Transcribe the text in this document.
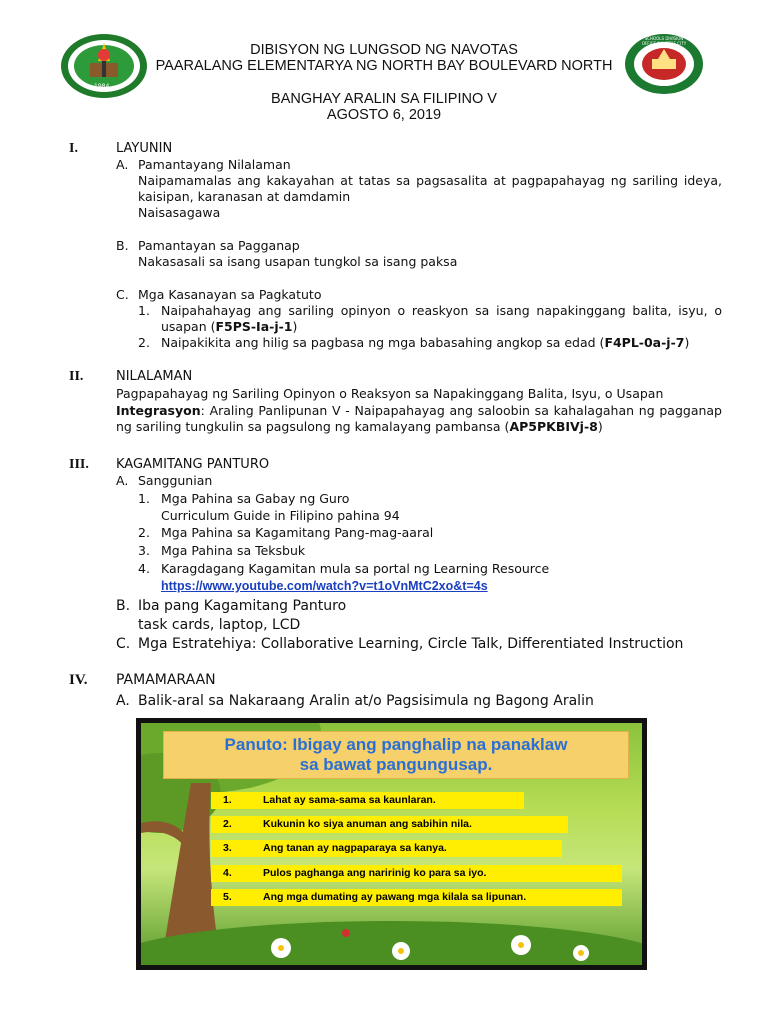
1984
SCHOOLS DIVISION OFFICE NAVOTAS CITY
DIBISYON NG LUNGSOD NG NAVOTAS
PAARALANG ELEMENTARYA NG NORTH BAY BOULEVARD NORTH
BANGHAY ARALIN SA FILIPINO V
AGOSTO 6, 2019
I.	LAYUNIN
A. Pamantayang Nilalaman
Naipamamalas ang kakayahan at tatas sa pagsasalita at pagpapahayag ng sariling ideya, kaisipan, karanasan at damdamin
Naisasagawa
B. Pamantayan sa Pagganap
Nakasasali sa isang usapan tungkol sa isang paksa
C. Mga Kasanayan sa Pagkatuto
1. Naipahahayag ang sariling opinyon o reaskyon sa isang napakinggang balita, isyu, o usapan (F5PS-Ia-j-1)
2. Naipakikita ang hilig sa pagbasa ng mga babasahing angkop sa edad (F4PL-0a-j-7)
II.	NILALAMAN
Pagpapahayag ng Sariling Opinyon o Reaksyon sa Napakinggang Balita, Isyu, o Usapan
Integrasyon: Araling Panlipunan V - Naipapahayag ang saloobin sa kahalagahan ng pagganap ng sariling tungkulin sa pagsulong ng kamalayang pambansa (AP5PKBIVj-8)
III. KAGAMITANG PANTURO
A. Sanggunian
1. Mga Pahina sa Gabay ng Guro
Curriculum Guide in Filipino pahina 94
2. Mga Pahina sa Kagamitang Pang-mag-aaral
3. Mga Pahina sa Teksbuk
4. Karagdagang Kagamitan mula sa portal ng Learning Resource
https://www.youtube.com/watch?v=t1oVnMtC2xo&t=4s
B. Iba pang Kagamitang Panturo
task cards, laptop, LCD
C. Mga Estratehiya: Collaborative Learning, Circle Talk, Differentiated Instruction
IV. PAMAMARAAN
A. Balik-aral sa Nakaraang Aralin at/o Pagsisimula ng Bagong Aralin
Panuto: Ibigay ang panghalip na panaklaw
sa bawat pangungusap.
1.	Lahat ay sama-sama sa kaunlaran.
2.	Kukunin ko siya anuman ang sabihin nila.
3.	Ang tanan ay nagpaparaya sa kanya.
4.	Pulos paghanga ang naririnig ko para sa iyo.
5.	Ang mga dumating ay pawang mga kilala sa lipunan.
